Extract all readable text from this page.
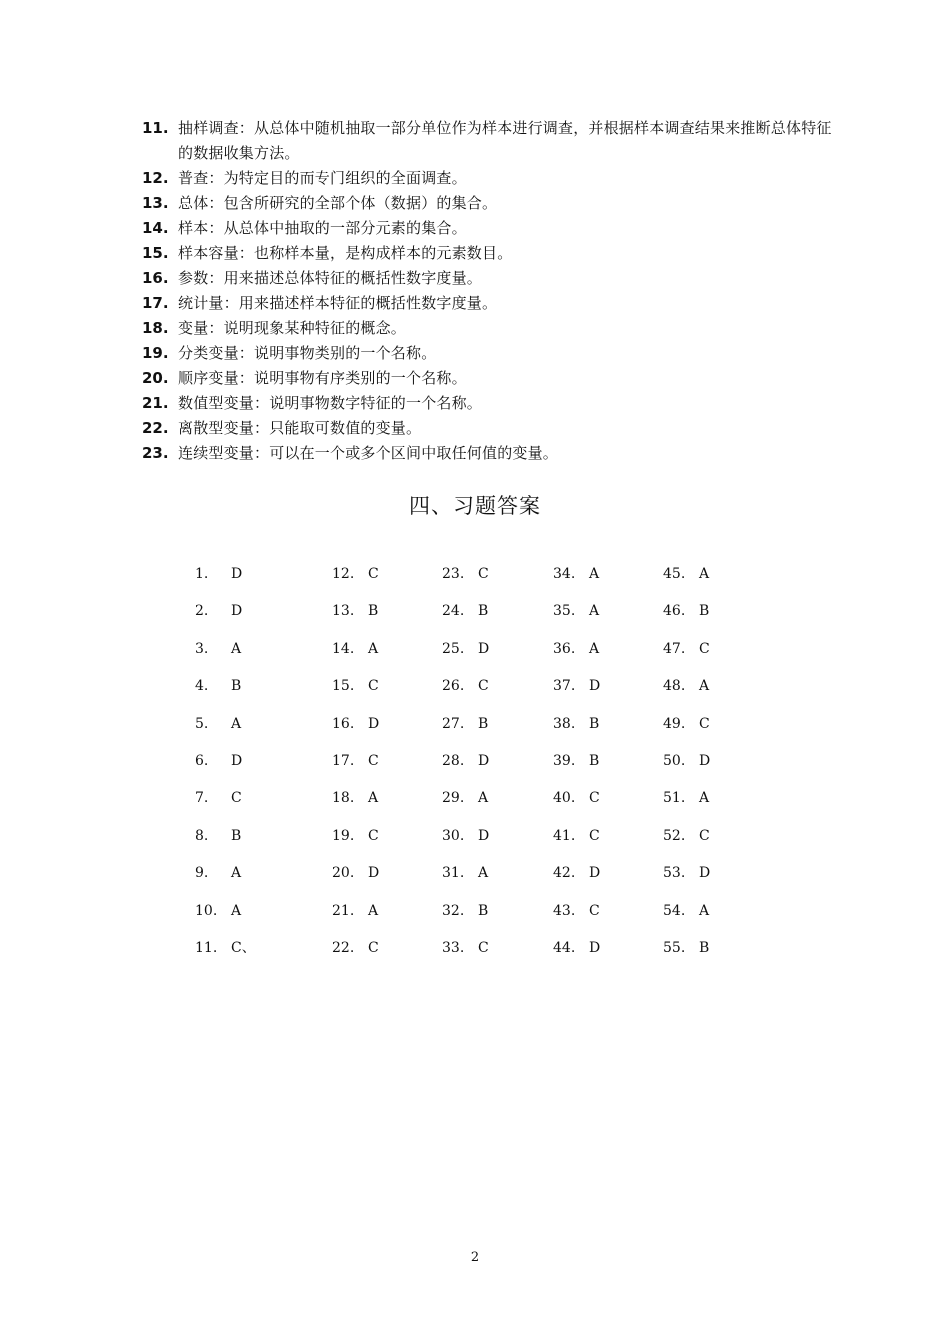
11. 抽样调查：从总体中随机抽取一部分单位作为样本进行调查，并根据样本调查结果来推断总体特征的数据收集方法。
12. 普查：为特定目的而专门组织的全面调查。
13. 总体：包含所研究的全部个体（数据）的集合。
14. 样本：从总体中抽取的一部分元素的集合。
15. 样本容量：也称样本量，是构成样本的元素数目。
16. 参数：用来描述总体特征的概括性数字度量。
17. 统计量：用来描述样本特征的概括性数字度量。
18. 变量：说明现象某种特征的概念。
19. 分类变量：说明事物类别的一个名称。
20. 顺序变量：说明事物有序类别的一个名称。
21. 数值型变量：说明事物数字特征的一个名称。
22. 离散型变量：只能取可数值的变量。
23. 连续型变量：可以在一个或多个区间中取任何值的变量。
四、习题答案
1. D	12. C	23. C	34. A	45. A
2. D	13. B	24. B	35. A	46. B
3. A	14. A	25. D	36. A	47. C
4. B	15. C	26. C	37. D	48. A
5. A	16. D	27. B	38. B	49. C
6. D	17. C	28. D	39. B	50. D
7. C	18. A	29. A	40. C	51. A
8. B	19. C	30. D	41. C	52. C
9. A	20. D	31. A	42. D	53. D
10. A	21. A	32. B	43. C	54. A
11. C、	22. C	33. C	44. D	55. B
2
